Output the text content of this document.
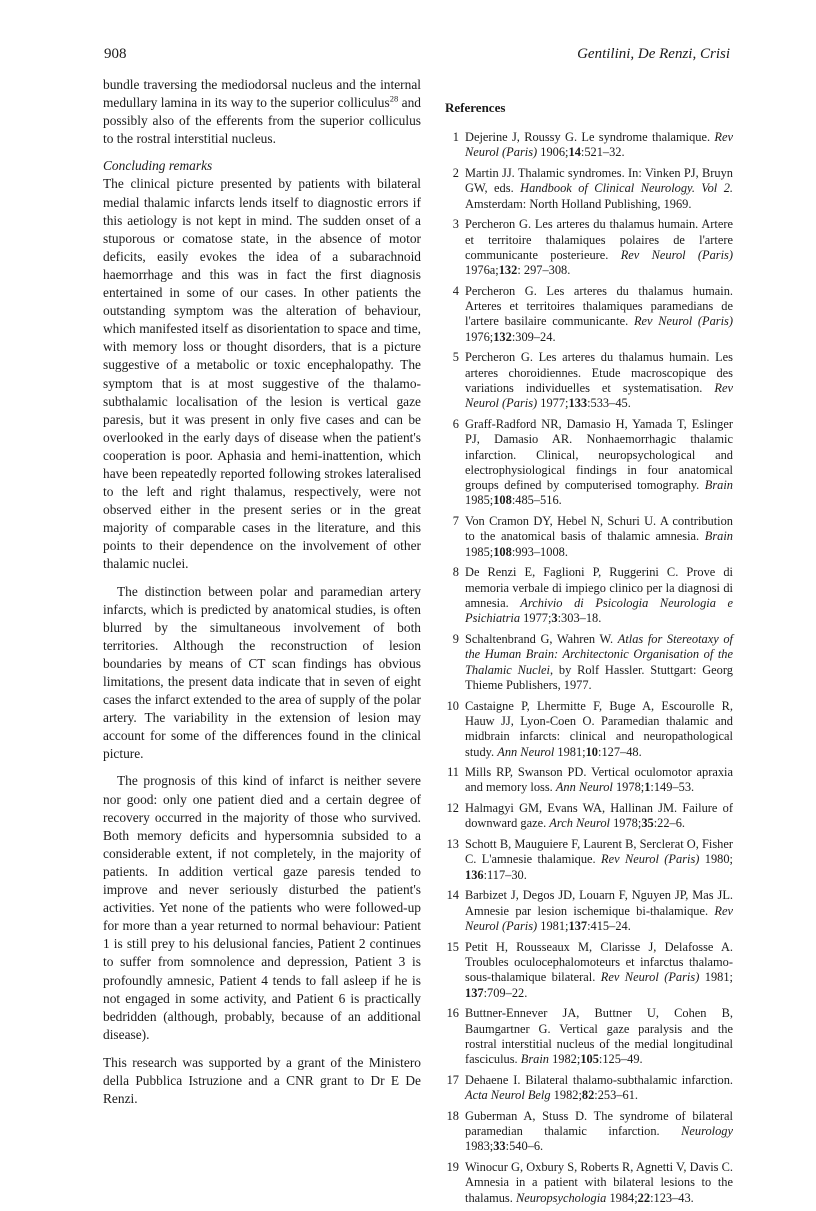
908	Gentilini, De Renzi, Crisi

bundle traversing the mediodorsal nucleus and the internal medullary lamina in its way to the superior colliculus$^{28}$ and possibly also of the efferents from the superior colliculus to the rostral interstitial nucleus.

Concluding remarks

The clinical picture presented by patients with bilateral medial thalamic infarcts lends itself to diagnostic errors if this aetiology is not kept in mind. The sudden onset of a stuporous or comatose state, in the absence of motor deficits, easily evokes the idea of a subarachnoid haemorrhage and this was in fact the first diagnosis entertained in some of our cases. In other patients the outstanding symptom was the alteration of behaviour, which manifested itself as disorientation to space and time, with memory loss or thought disorders, that is a picture suggestive of a metabolic or toxic encephalopathy. The symptom that is at most suggestive of the thalamo-subthalamic localisation of the lesion is vertical gaze paresis, but it was present in only five cases and can be overlooked in the early days of disease when the patient's cooperation is poor. Aphasia and hemi-inattention, which have been repeatedly reported following strokes lateralised to the left and right thalamus, respectively, were not observed either in the present series or in the great majority of comparable cases in the literature, and this points to their dependence on the involvement of other thalamic nuclei.

The distinction between polar and paramedian artery infarcts, which is predicted by anatomical studies, is often blurred by the simultaneous involvement of both territories. Although the reconstruction of lesion boundaries by means of CT scan findings has obvious limitations, the present data indicate that in seven of eight cases the infarct extended to the area of supply of the polar artery. The variability in the extension of lesion may account for some of the differences found in the clinical picture.

The prognosis of this kind of infarct is neither severe nor good: only one patient died and a certain degree of recovery occurred in the majority of those who survived. Both memory deficits and hypersomnia subsided to a considerable extent, if not completely, in the majority of patients. In addition vertical gaze paresis tended to improve and never seriously disturbed the patient's activities. Yet none of the patients who were followed-up for more than a year returned to normal behaviour: Patient 1 is still prey to his delusional fancies, Patient 2 continues to suffer from somnolence and depression, Patient 3 is profoundly amnesic, Patient 4 tends to fall asleep if he is not engaged in some activity, and Patient 6 is practically bedridden (although, probably, because of an additional disease).

This research was supported by a grant of the Ministero della Pubblica Istruzione and a CNR grant to Dr E De Renzi.

References
1 Dejerine J, Roussy G. Le syndrome thalamique. Rev Neurol (Paris) 1906;14:521–32.
2 Martin JJ. Thalamic syndromes. In: Vinken PJ, Bruyn GW, eds. Handbook of Clinical Neurology. Vol 2. Amsterdam: North Holland Publishing, 1969.
3 Percheron G. Les arteres du thalamus humain. Artere et territoire thalamiques polaires de l'artere communicante posterieure. Rev Neurol (Paris) 1976a;132: 297–308.
4 Percheron G. Les arteres du thalamus humain. Arteres et territoires thalamiques paramedians de l'artere basilaire communicante. Rev Neurol (Paris) 1976;132:309–24.
5 Percheron G. Les arteres du thalamus humain. Les arteres choroidiennes. Etude macroscopique des variations individuelles et systematisation. Rev Neurol (Paris) 1977;133:533–45.
6 Graff-Radford NR, Damasio H, Yamada T, Eslinger PJ, Damasio AR. Nonhaemorrhagic thalamic infarction. Clinical, neuropsychological and electrophysiological findings in four anatomical groups defined by computerised tomography. Brain 1985;108:485–516.
7 Von Cramon DY, Hebel N, Schuri U. A contribution to the anatomical basis of thalamic amnesia. Brain 1985;108:993–1008.
8 De Renzi E, Faglioni P, Ruggerini C. Prove di memoria verbale di impiego clinico per la diagnosi di amnesia. Archivio di Psicologia Neurologia e Psichiatria 1977;3:303–18.
9 Schaltenbrand G, Wahren W. Atlas for Stereotaxy of the Human Brain: Architectonic Organisation of the Thalamic Nuclei, by Rolf Hassler. Stuttgart: Georg Thieme Publishers, 1977.
10 Castaigne P, Lhermitte F, Buge A, Escourolle R, Hauw JJ, Lyon-Coen O. Paramedian thalamic and midbrain infarcts: clinical and neuropathological study. Ann Neurol 1981;10:127–48.
11 Mills RP, Swanson PD. Vertical oculomotor apraxia and memory loss. Ann Neurol 1978;1:149–53.
12 Halmagyi GM, Evans WA, Hallinan JM. Failure of downward gaze. Arch Neurol 1978;35:22–6.
13 Schott B, Mauguiere F, Laurent B, Serclerat O, Fisher C. L'amnesie thalamique. Rev Neurol (Paris) 1980; 136:117–30.
14 Barbizet J, Degos JD, Louarn F, Nguyen JP, Mas JL. Amnesie par lesion ischemique bi-thalamique. Rev Neurol (Paris) 1981;137:415–24.
15 Petit H, Rousseaux M, Clarisse J, Delafosse A. Troubles oculocephalomoteurs et infarctus thalamo-sous-thalamique bilateral. Rev Neurol (Paris) 1981; 137:709–22.
16 Buttner-Ennever JA, Buttner U, Cohen B, Baumgartner G. Vertical gaze paralysis and the rostral interstitial nucleus of the medial longitudinal fasciculus. Brain 1982;105:125–49.
17 Dehaene I. Bilateral thalamo-subthalamic infarction. Acta Neurol Belg 1982;82:253–61.
18 Guberman A, Stuss D. The syndrome of bilateral paramedian thalamic infarction. Neurology 1983;33:540–6.
19 Winocur G, Oxbury S, Roberts R, Agnetti V, Davis C. Amnesia in a patient with bilateral lesions to the thalamus. Neuropsychologia 1984;22:123–43.
